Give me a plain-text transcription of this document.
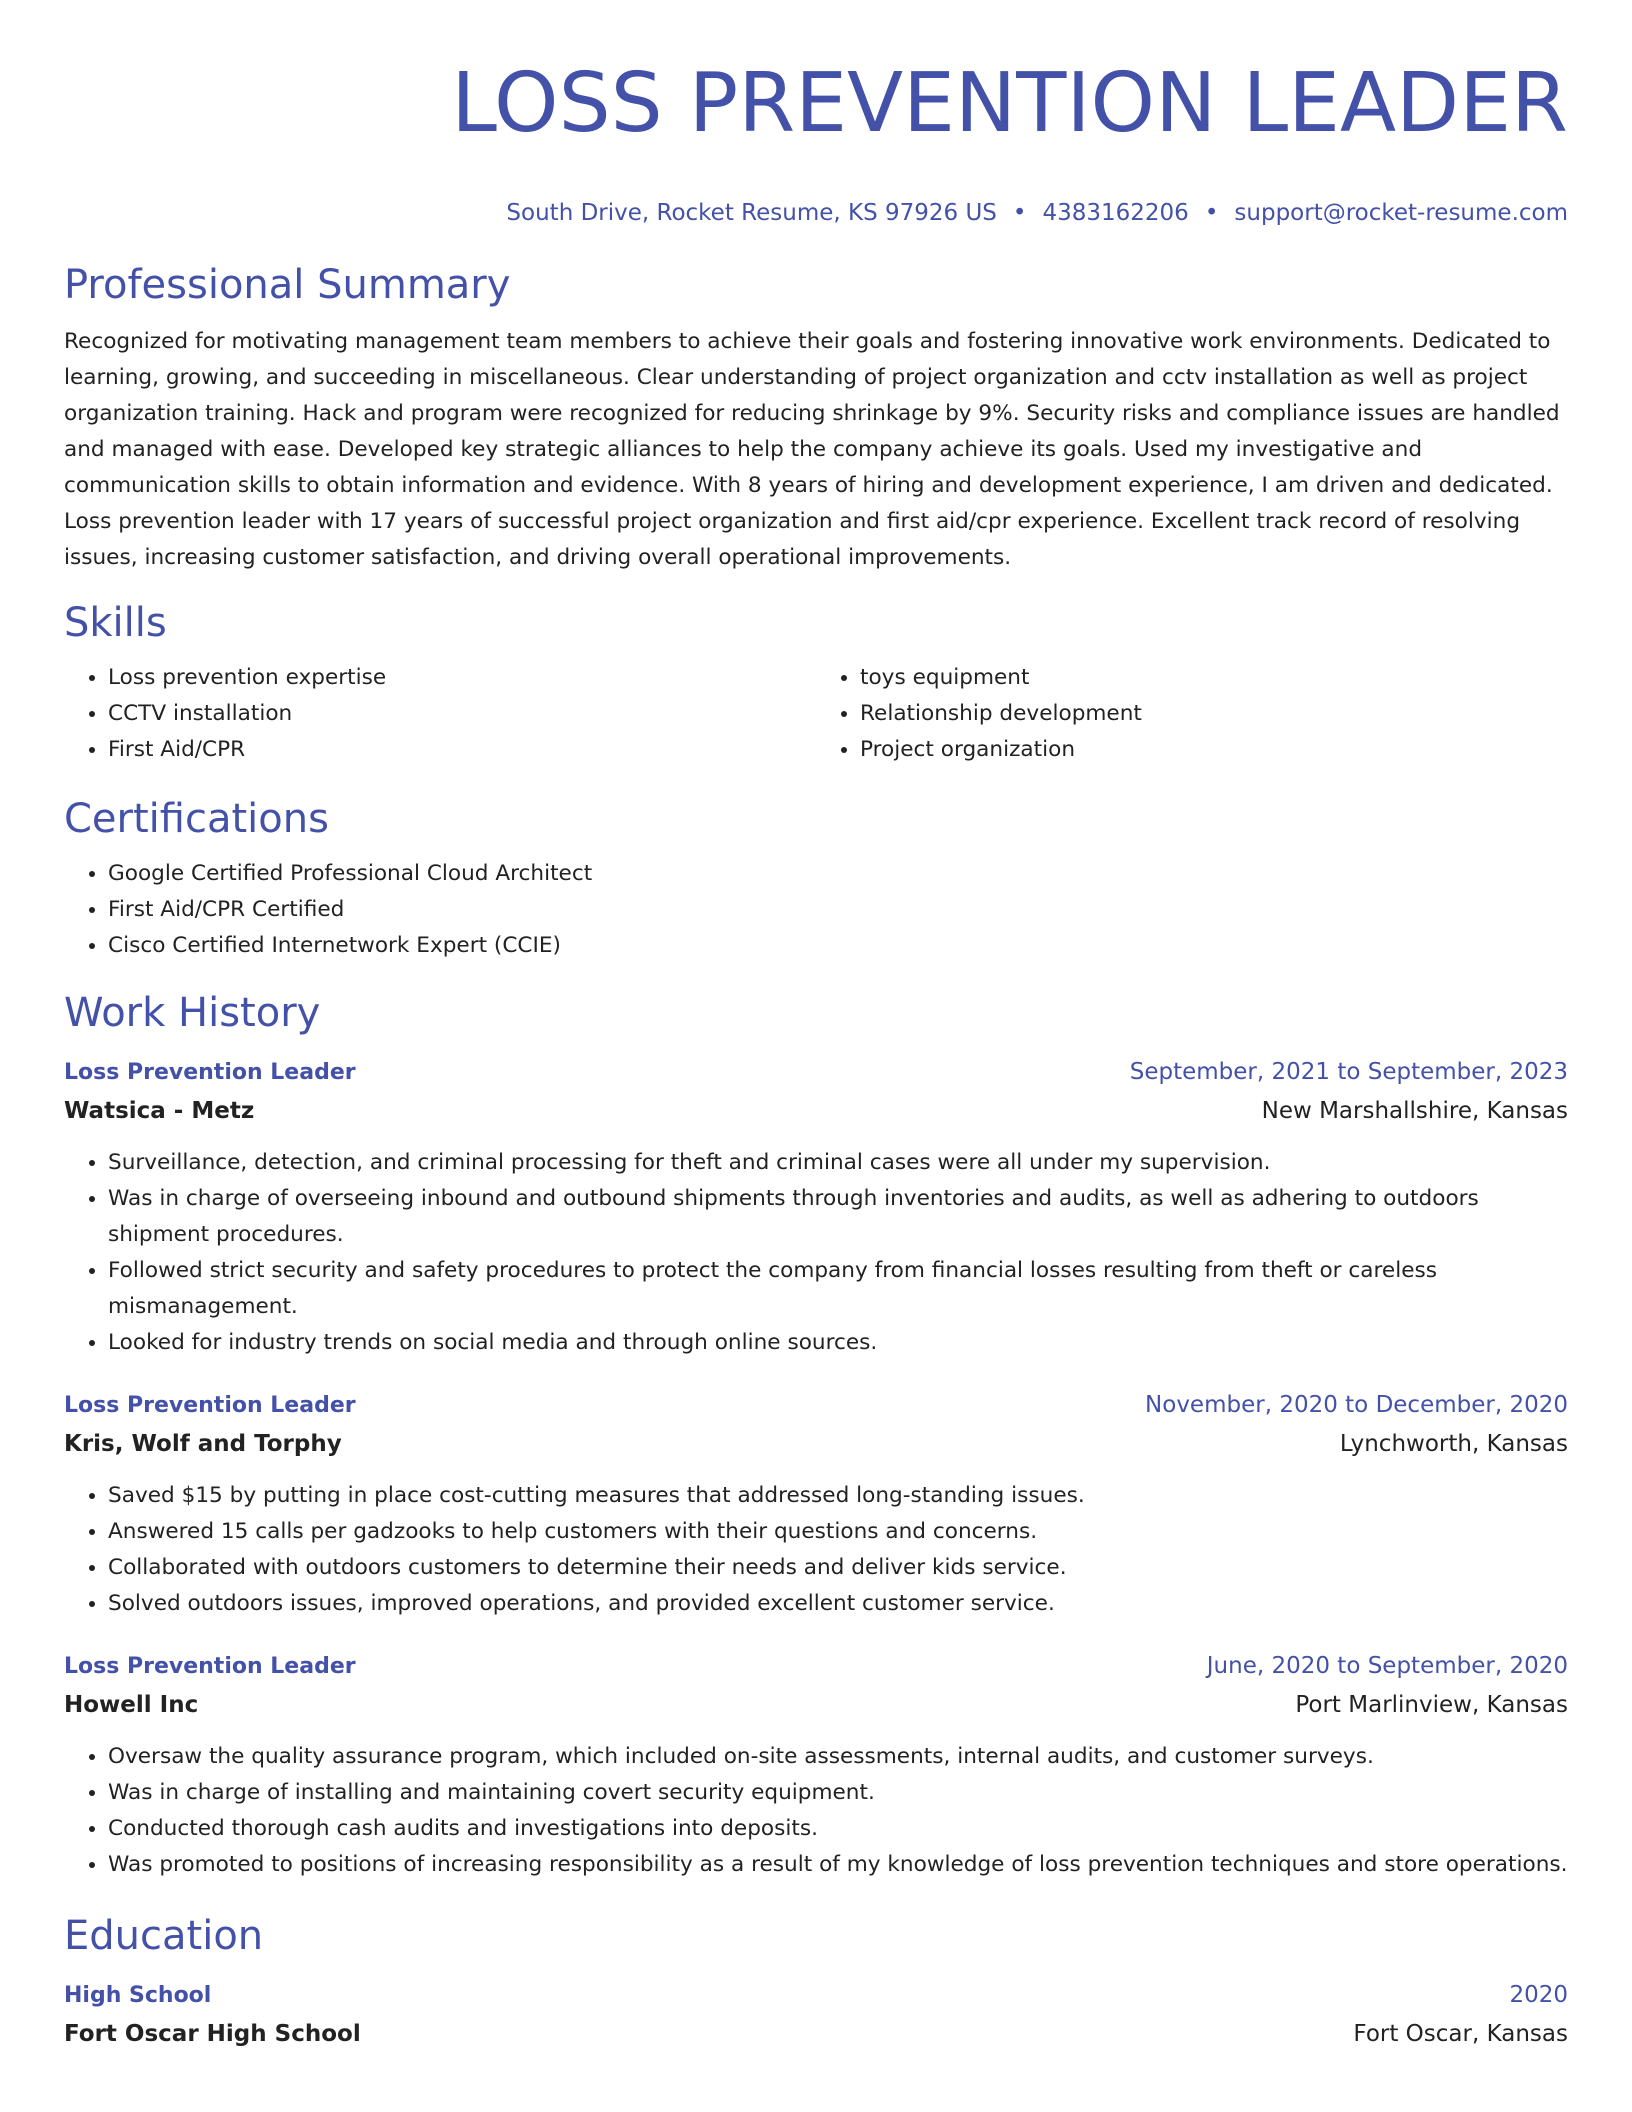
LOSS PREVENTION LEADER
South Drive, Rocket Resume, KS 97926 US • 4383162206 • support@rocket-resume.com
Professional Summary

Recognized for motivating management team members to achieve their goals and fostering innovative work environments. Dedicated to learning, growing, and succeeding in miscellaneous. Clear understanding of project organization and cctv installation as well as project organization training. Hack and program were recognized for reducing shrinkage by 9%. Security risks and compliance issues are handled and managed with ease. Developed key strategic alliances to help the company achieve its goals. Used my investigative and communication skills to obtain information and evidence. With 8 years of hiring and development experience, I am driven and dedicated. Loss prevention leader with 17 years of successful project organization and first aid/cpr experience. Excellent track record of resolving issues, increasing customer satisfaction, and driving overall operational improvements.

Skills
• Loss prevention expertise
• CCTV installation
• First Aid/CPR
• toys equipment
• Relationship development
• Project organization
Certifications
• Google Certified Professional Cloud Architect
• First Aid/CPR Certified
• Cisco Certified Internetwork Expert (CCIE)
Work History
Loss Prevention Leader	September, 2021 to September, 2023
Watsica - Metz	New Marshallshire, Kansas
• Surveillance, detection, and criminal processing for theft and criminal cases were all under my supervision.
• Was in charge of overseeing inbound and outbound shipments through inventories and audits, as well as adhering to outdoors shipment procedures.
• Followed strict security and safety procedures to protect the company from financial losses resulting from theft or careless mismanagement.
• Looked for industry trends on social media and through online sources.
Loss Prevention Leader	November, 2020 to December, 2020
Kris, Wolf and Torphy	Lynchworth, Kansas
• Saved $15 by putting in place cost-cutting measures that addressed long-standing issues.
• Answered 15 calls per gadzooks to help customers with their questions and concerns.
• Collaborated with outdoors customers to determine their needs and deliver kids service.
• Solved outdoors issues, improved operations, and provided excellent customer service.
Loss Prevention Leader	June, 2020 to September, 2020
Howell Inc	Port Marlinview, Kansas
• Oversaw the quality assurance program, which included on-site assessments, internal audits, and customer surveys.
• Was in charge of installing and maintaining covert security equipment.
• Conducted thorough cash audits and investigations into deposits.
• Was promoted to positions of increasing responsibility as a result of my knowledge of loss prevention techniques and store operations.
Education
High School	2020
Fort Oscar High School	Fort Oscar, Kansas
